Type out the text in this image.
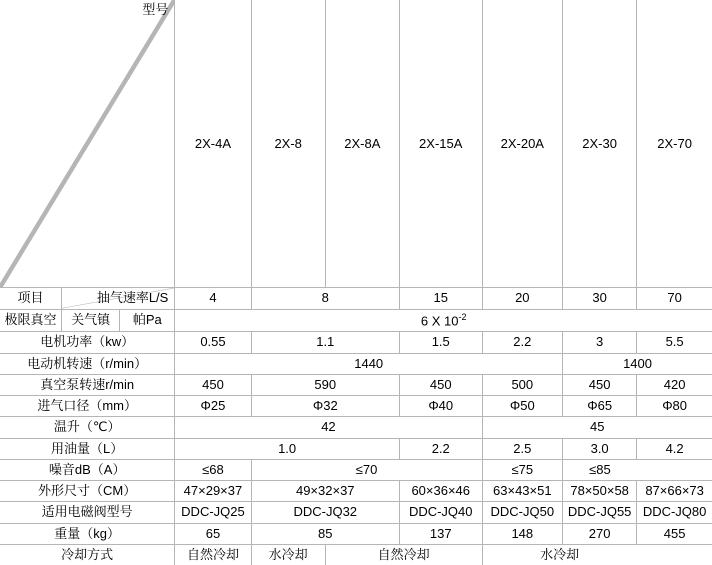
型号			2X-4A	2X-8	2X-8A	2X-15A	2X-20A	2X-30	2X-70
项目	抽气速率L/S		4	8		15	20	30	70
极限真空	关气镇	帕Pa	6 X $10^{-2}$
电机功率（kw）			0.55	1.1		1.5	2.2	3	5.5
电动机转速（r/min）			1440					1400	
真空泵转速r/min			450	590		450	500	450	420
进气口径（mm）			Φ25	Φ32		Φ40	Φ50	Φ65	Φ80
温升（℃）			42				45		
用油量（L）			1.0			2.2	2.5	3.0	4.2
噪音dB（A）			≤68	≤70			≤75	≤85	
外形尺寸（CM）			47×29×37	49×32×37		60×36×46	63×43×51	78×50×58	87×66×73
适用电磁阀型号			DDC-JQ25	DDC-JQ32		DDC-JQ40	DDC-JQ50	DDC-JQ55	DDC-JQ80
重量（kg）			65	85		137	148	270	455
冷却方式			自然冷却	水冷却	自然冷却		水冷却		
